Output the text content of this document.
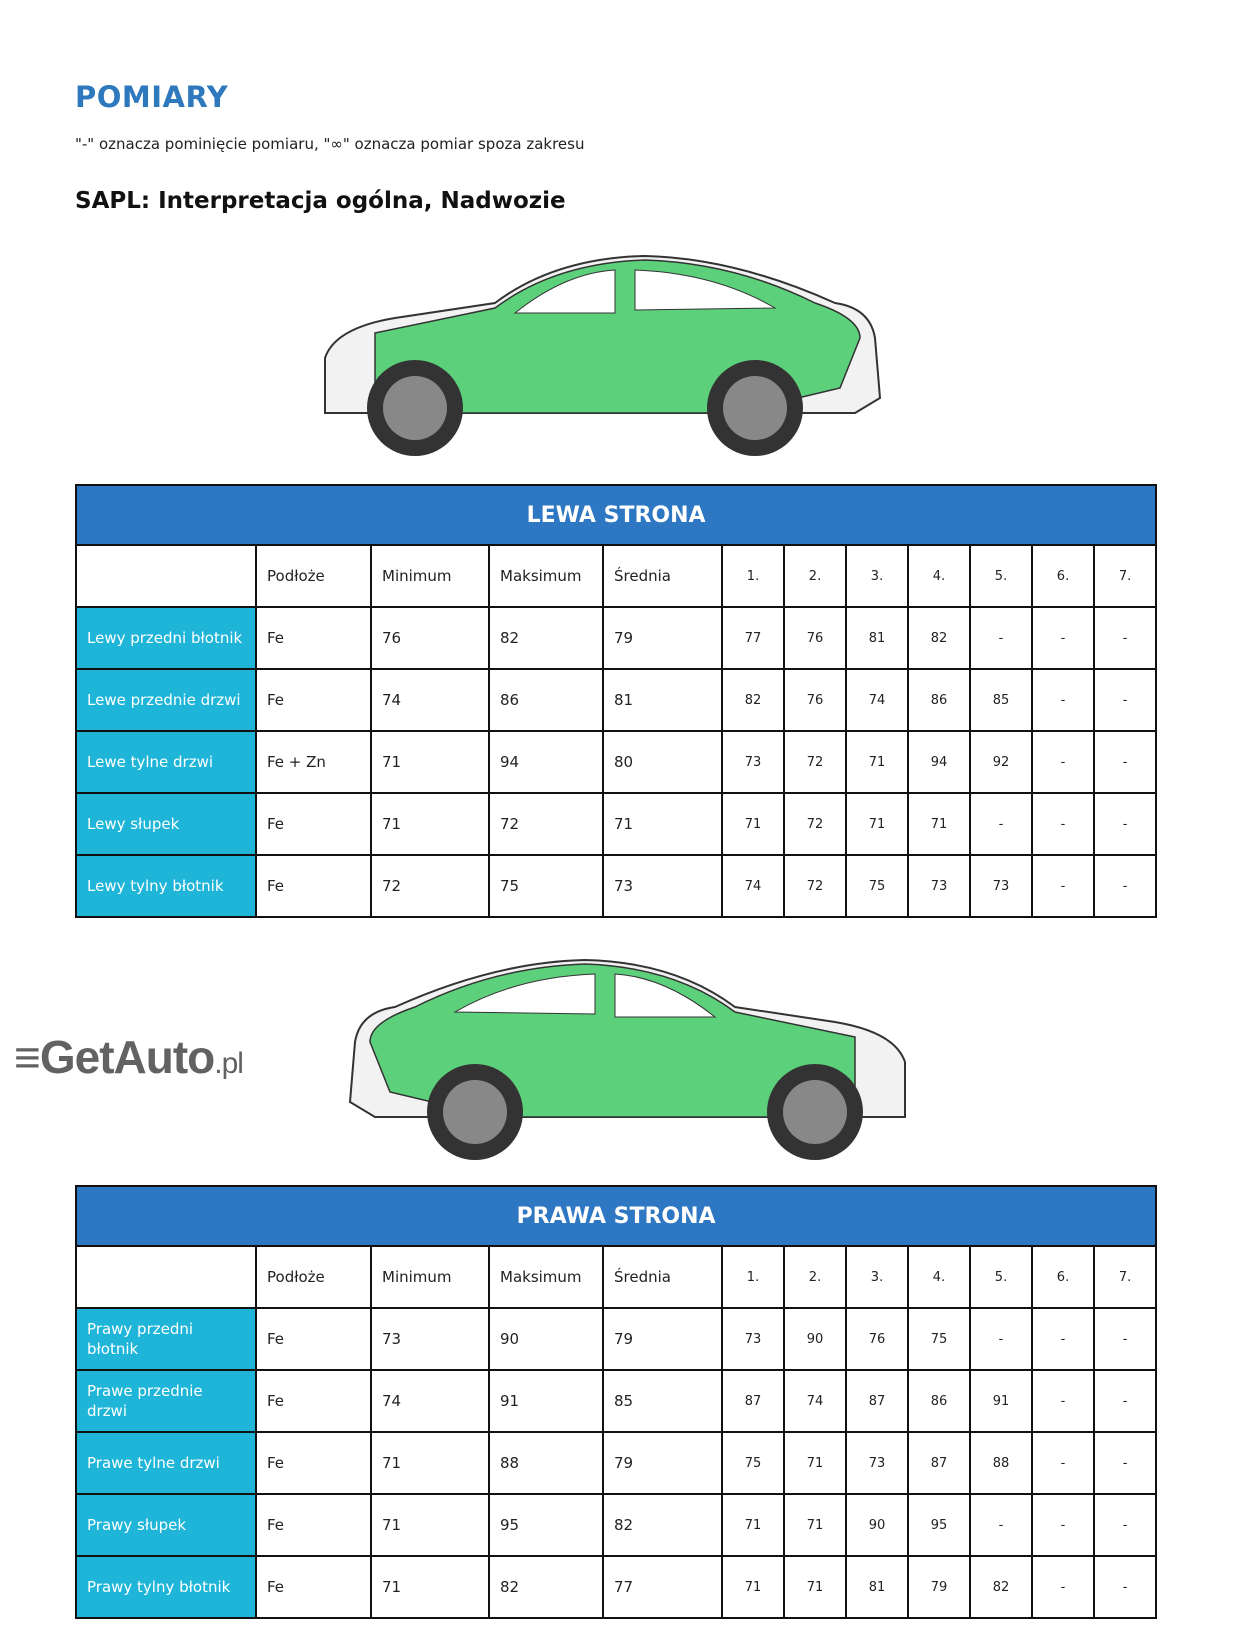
POMIARY
"-" oznacza pominięcie pomiaru, "∞" oznacza pomiar spoza zakresu
SAPL: Interpretacja ogólna, Nadwozie
LEWA STRONA											
	Podłoże	Minimum	Maksimum	Średnia	1.	2.	3.	4.	5.	6.	7.
Lewy przedni błotnik	Fe	76	82	79	77	76	81	82	-	-	-
Lewe przednie drzwi	Fe	74	86	81	82	76	74	86	85	-	-
Lewe tylne drzwi	Fe + Zn	71	94	80	73	72	71	94	92	-	-
Lewy słupek	Fe	71	72	71	71	72	71	71	-	-	-
Lewy tylny błotnik	Fe	72	75	73	74	72	75	73	73	-	-
PRAWA STRONA											
	Podłoże	Minimum	Maksimum	Średnia	1.	2.	3.	4.	5.	6.	7.
Prawy przedni błotnik	Fe	73	90	79	73	90	76	75	-	-	-
Prawe przednie drzwi	Fe	74	91	85	87	74	87	86	91	-	-
Prawe tylne drzwi	Fe	71	88	79	75	71	73	87	88	-	-
Prawy słupek	Fe	71	95	82	71	71	90	95	-	-	-
Prawy tylny błotnik	Fe	71	82	77	71	71	81	79	82	-	-
≡GetAuto.pl
